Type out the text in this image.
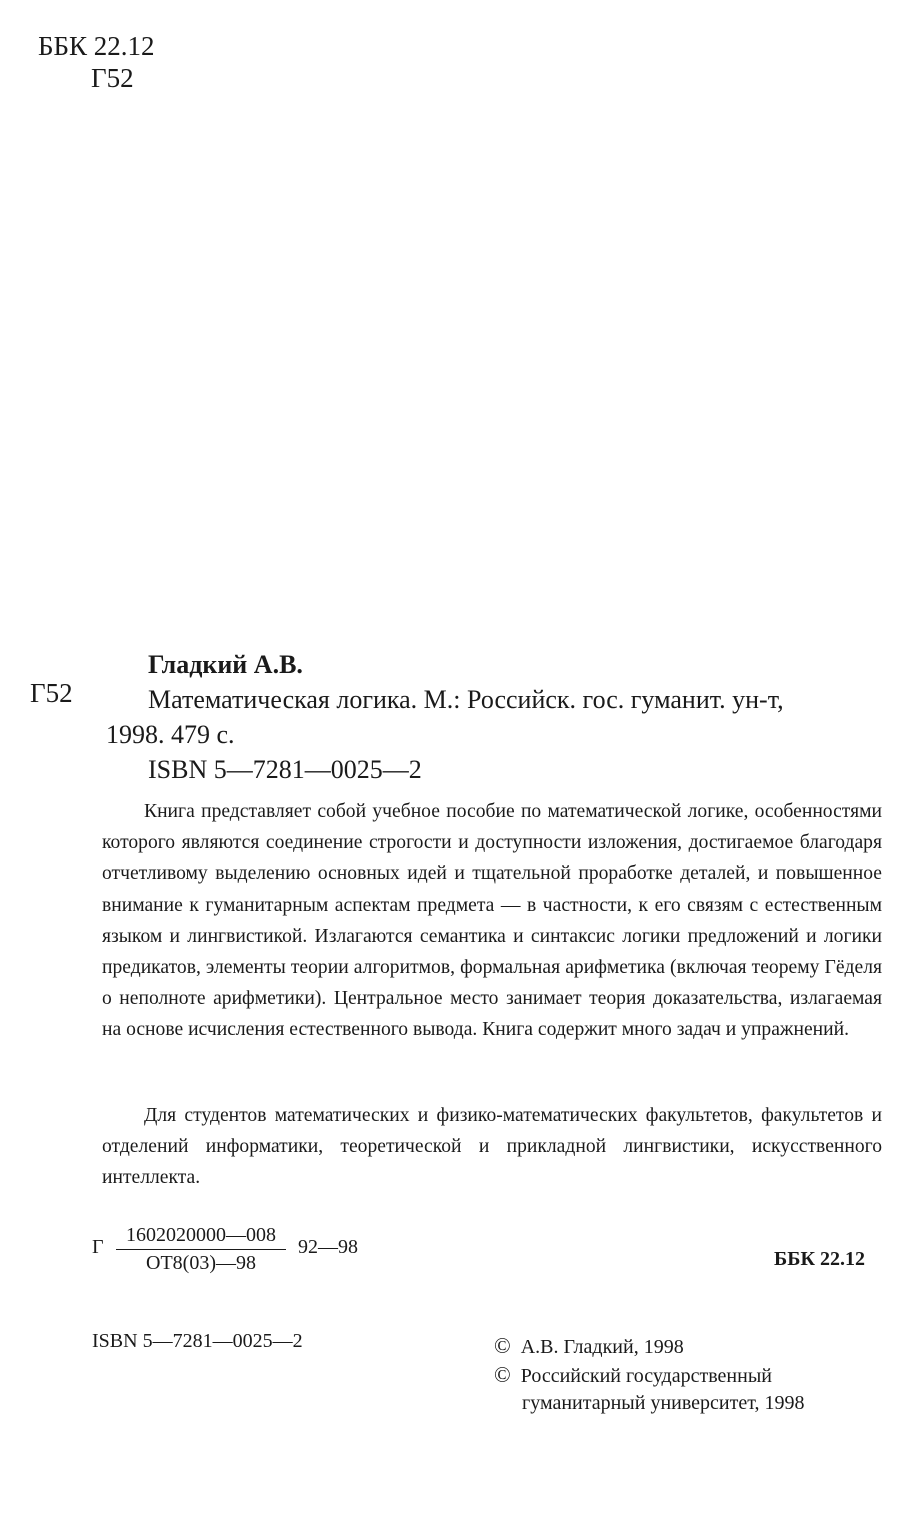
ББК 22.12
Г52
Г52
Гладкий А.В.
Математическая логика. М.: Российск. гос. гуманит. ун-т,
1998. 479 с.
ISBN 5—7281—0025—2
Книга представляет собой учебное пособие по математической логике, особенностями которого являются соединение строгости и доступности изложения, достигаемое благодаря отчетливому выделению основных идей и тщательной проработке деталей, и повышенное внимание к гуманитарным аспектам предмета — в частности, к его связям с естественным языком и лингвистикой. Излагаются семантика и синтаксис логики предложений и логики предикатов, элементы теории алгоритмов, формальная арифметика (включая теорему Гёделя о неполноте арифметики). Центральное место занимает теория доказательства, излагаемая на основе исчисления естественного вывода. Книга содержит много задач и упражнений.
Для студентов математических и физико-математических факультетов, факультетов и отделений информатики, теоретической и прикладной лингвистики, искусственного интеллекта.
Г
1602020000—008
ОТ8(03)—98
92—98
ББК 22.12
ISBN 5—7281—0025—2	© А.В. Гладкий, 1998
© Российский государственный
гуманитарный университет, 1998
